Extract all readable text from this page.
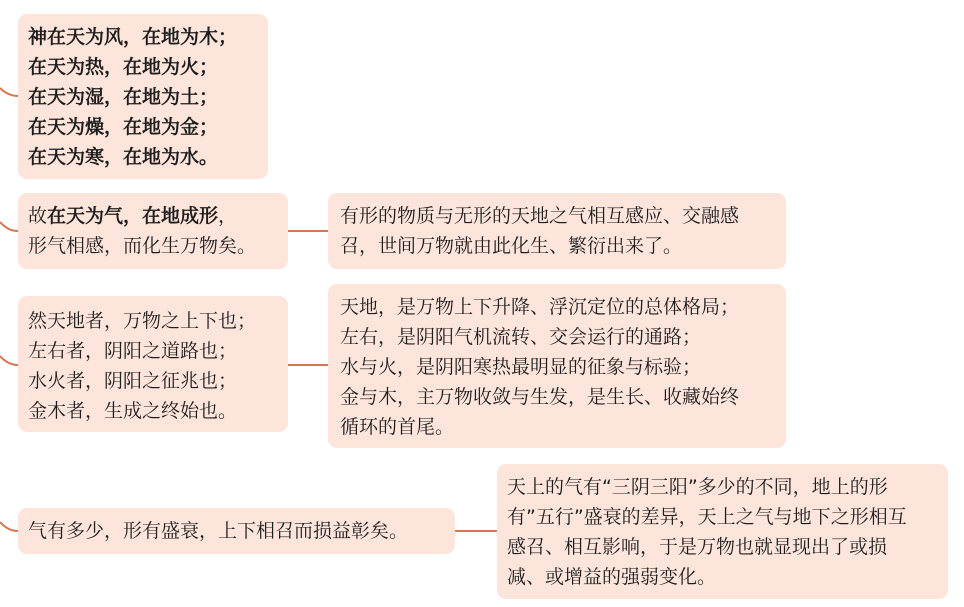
神在天为风，在地为木；
在天为热，在地为火；
在天为湿，在地为土；
在天为燥，在地为金；
在天为寒，在地为水。
故在天为气，在地成形，
形气相感，而化生万物矣。
有形的物质与无形的天地之气相互感应、交融感
召，世间万物就由此化生、繁衍出来了。
然天地者，万物之上下也；
左右者，阴阳之道路也；
水火者，阴阳之征兆也；
金木者，生成之终始也。
天地，是万物上下升降、浮沉定位的总体格局；
左右，是阴阳气机流转、交会运行的通路；
水与火，是阴阳寒热最明显的征象与标验；
金与木，主万物收敛与生发，是生长、收藏始终
循环的首尾。
气有多少，形有盛衰，上下相召而损益彰矣。
天上的气有“三阴三阳”多少的不同，地上的形
有”五行”盛衰的差异，天上之气与地下之形相互
感召、相互影响，于是万物也就显现出了或损
减、或增益的强弱变化。
